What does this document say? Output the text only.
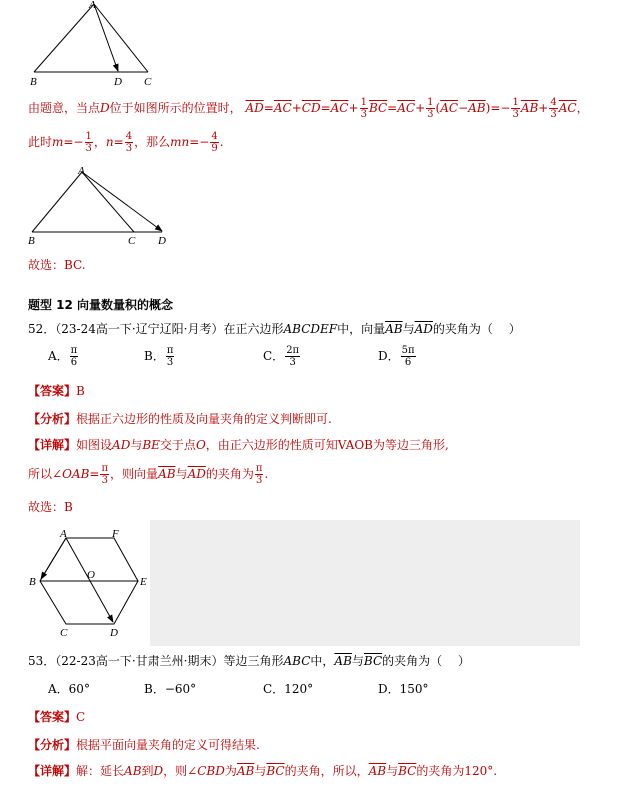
A
B	D C
由题意，当点D位于如图所示的位置时， $\overline{AD}=\overline{AC}+\overline{CD}=\overline{AC}+ \frac{1}{3} \overline{BC}=\overline{AC}+ \frac{1}{3} (\overline{AC}-\overline{AB})=- \frac{1}{3} \overline{AB}+ \frac{4}{3} \overline{AC}$，
此时$m=- \frac{1}{3}$ ，$n= \frac{4}{3}$ ，那么$mn=- \frac{4}{9}$ .
A
B	C D
故选：BC.
题型 12 向量数量积的概念
52．（23-24高一下·辽宁辽阳·月考）在正六边形ABCDEF中，向量$\overline{AB}$与$\overline{AD}$的夹角为（　 ）
A． $\frac{\pi}{6}$	B． $\frac{\pi}{3}$	C． $\frac{2\pi}{3}$	D． $\frac{5\pi}{6}$
【答案】B
【分析】根据正六边形的性质及向量夹角的定义判断即可.
【详解】如图设AD与BE交于点O，由正六边形的性质可知VAOB为等边三角形,
所以∠OAB= $\frac{\pi}{3}$ ，则向量$\overline{AB}$与$\overline{AD}$的夹角为 $\frac{\pi}{3}$ .
故选：B
A	F
B
O
E
C	D
53．（22-23高一下·甘肃兰州·期末）等边三角形ABC中，$\overline{AB}$与$\overline{BC}$的夹角为（　 ）
A．60°	B．−60°	C．120°	D．150°
【答案】C
【分析】根据平面向量夹角的定义可得结果.
【详解】解：延长AB到D，则∠CBD为$\overline{AB}$与$\overline{BC}$的夹角，所以，$\overline{AB}$与$\overline{BC}$的夹角为120°.
